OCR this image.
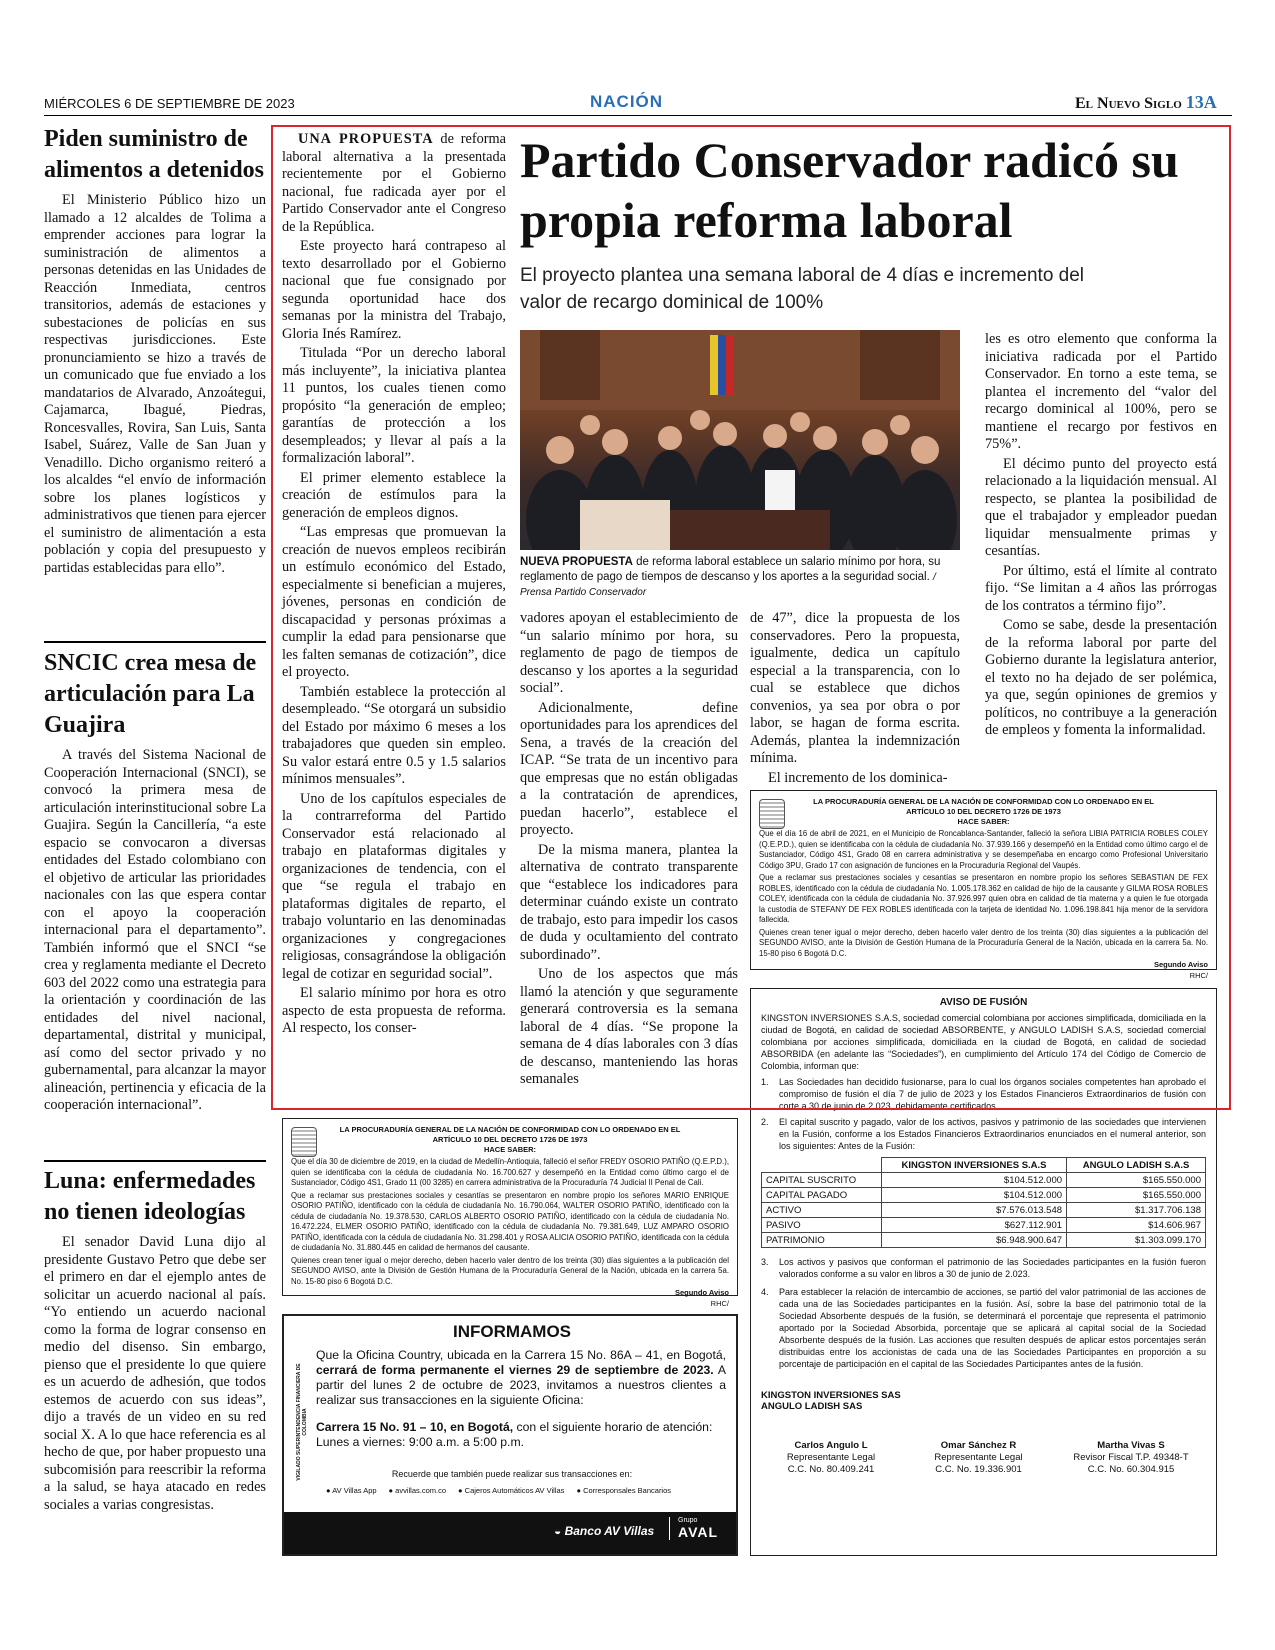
MIÉRCOLES 6 DE SEPTIEMBRE DE 2023	NACIÓN	El Nuevo Siglo 13A
Piden suministro de alimentos a detenidos

El Ministerio Público hizo un llamado a 12 alcaldes de Tolima a emprender acciones para lograr la suministración de alimentos a personas detenidas en las Unidades de Reacción Inmediata, centros transitorios, además de estaciones y subestaciones de policías en sus respectivas jurisdicciones. Este pronunciamiento se hizo a través de un comunicado que fue enviado a los mandatarios de Alvarado, Anzoátegui, Cajamarca, Ibagué, Piedras, Roncesvalles, Rovira, San Luis, Santa Isabel, Suárez, Valle de San Juan y Venadillo. Dicho organismo reiteró a los alcaldes “el envío de información sobre los planes logísticos y administrativos que tienen para ejercer el suministro de alimentación a esta población y copia del presupuesto y partidas establecidas para ello”.

SNCIC crea mesa de articulación para La Guajira

A través del Sistema Nacional de Cooperación Internacional (SNCI), se convocó la primera mesa de articulación interinstitucional sobre La Guajira. Según la Cancillería, “a este espacio se convocaron a diversas entidades del Estado colombiano con el objetivo de articular las prioridades nacionales con las que espera contar con el apoyo la cooperación internacional para el departamento”. También informó que el SNCI “se crea y reglamenta mediante el Decreto 603 del 2022 como una estrategia para la orientación y coordinación de las entidades del nivel nacional, departamental, distrital y municipal, así como del sector privado y no gubernamental, para alcanzar la mayor alineación, pertinencia y eficacia de la cooperación internacional”.

Luna: enfermedades no tienen ideologías

El senador David Luna dijo al presidente Gustavo Petro que debe ser el primero en dar el ejemplo antes de solicitar un acuerdo nacional al país. “Yo entiendo un acuerdo nacional como la forma de lograr consenso en medio del disenso. Sin embargo, pienso que el presidente lo que quiere es un acuerdo de adhesión, que todos estemos de acuerdo con sus ideas”, dijo a través de un video en su red social X. A lo que hace referencia es al hecho de que, por haber propuesto una subcomisión para reescribir la reforma a la salud, se haya atacado en redes sociales a varias congresistas.

Partido Conservador radicó su propia reforma laboral
El proyecto plantea una semana laboral de 4 días e incremento del valor de recargo dominical de 100%

UNA PROPUESTA de reforma laboral alternativa a la presentada recientemente por el Gobierno nacional, fue radicada ayer por el Partido Conservador ante el Congreso de la República.

Este proyecto hará contrapeso al texto desarrollado por el Gobierno nacional que fue consignado por segunda oportunidad hace dos semanas por la ministra del Trabajo, Gloria Inés Ramírez.

Titulada “Por un derecho laboral más incluyente”, la iniciativa plantea 11 puntos, los cuales tienen como propósito “la generación de empleo; garantías de protección a los desempleados; y llevar al país a la formalización laboral”.

El primer elemento establece la creación de estímulos para la generación de empleos dignos.

“Las empresas que promuevan la creación de nuevos empleos recibirán un estímulo económico del Estado, especialmente si benefician a mujeres, jóvenes, personas en condición de discapacidad y personas próximas a cumplir la edad para pensionarse que les falten semanas de cotización”, dice el proyecto.

También establece la protección al desempleado. “Se otorgará un subsidio del Estado por máximo 6 meses a los trabajadores que queden sin empleo. Su valor estará entre 0.5 y 1.5 salarios mínimos mensuales”.

Uno de los capítulos especiales de la contrarreforma del Partido Conservador está relacionado al trabajo en plataformas digitales y organizaciones de tendencia, con el que “se regula el trabajo en plataformas digitales de reparto, el trabajo voluntario en las denominadas organizaciones y congregaciones religiosas, consagrándose la obligación legal de cotizar en seguridad social”.

El salario mínimo por hora es otro aspecto de esta propuesta de reforma. Al respecto, los conser-

NUEVA PROPUESTA de reforma laboral establece un salario mínimo por hora, su reglamento de pago de tiempos de descanso y los aportes a la seguridad social. / Prensa Partido Conservador

vadores apoyan el establecimiento de “un salario mínimo por hora, su reglamento de pago de tiempos de descanso y los aportes a la seguridad social”.

Adicionalmente, define oportunidades para los aprendices del Sena, a través de la creación del ICAP. “Se trata de un incentivo para que empresas que no están obligadas a la contratación de aprendices, puedan hacerlo”, establece el proyecto.

De la misma manera, plantea la alternativa de contrato transparente que “establece los indicadores para determinar cuándo existe un contrato de trabajo, esto para impedir los casos de duda y ocultamiento del contrato subordinado”.

Uno de los aspectos que más llamó la atención y que seguramente generará controversia es la semana laboral de 4 días. “Se propone la semana de 4 días laborales con 3 días de descanso, manteniendo las horas semanales

de 47”, dice la propuesta de los conservadores. Pero la propuesta, igualmente, dedica un capítulo especial a la transparencia, con lo cual se establece que dichos convenios, ya sea por obra o por labor, se hagan de forma escrita. Además, plantea la indemnización mínima.

El incremento de los dominica-

les es otro elemento que conforma la iniciativa radicada por el Partido Conservador. En torno a este tema, se plantea el incremento del “valor del recargo dominical al 100%, pero se mantiene el recargo por festivos en 75%”.

El décimo punto del proyecto está relacionado a la liquidación mensual. Al respecto, se plantea la posibilidad de que el trabajador y empleador puedan liquidar mensualmente primas y cesantías.

Por último, está el límite al contrato fijo. “Se limitan a 4 años las prórrogas de los contratos a término fijo”.

Como se sabe, desde la presentación de la reforma laboral por parte del Gobierno durante la legislatura anterior, el texto no ha dejado de ser polémica, ya que, según opiniones de gremios y políticos, no contribuye a la generación de empleos y fomenta la informalidad.

LA PROCURADURÍA GENERAL DE LA NACIÓN DE CONFORMIDAD CON LO ORDENADO EN EL ARTÍCULO 10 DEL DECRETO 1726 DE 1973
HACE SABER:
Que el día 16 de abril de 2021, en el Municipio de Roncablanca-Santander, falleció la señora LIBIA PATRICIA ROBLES COLEY (Q.E.P.D.), quien se identificaba con la cédula de ciudadanía No. 37.939.166 y desempeñó en la Entidad como último cargo el de Sustanciador, Código 4S1, Grado 08 en carrera administrativa y se desempeñaba en encargo como Profesional Universitario Código 3PU, Grado 17 con asignación de funciones en la Procuraduría Regional del Vaupés.
Que a reclamar sus prestaciones sociales y cesantías se presentaron en nombre propio los señores SEBASTIAN DE FEX ROBLES, identificado con la cédula de ciudadanía No. 1.005.178.362 en calidad de hijo de la causante y GILMA ROSA ROBLES COLEY, identificada con la cédula de ciudadanía No. 37.926.997 quien obra en calidad de tía materna y a quien le fue otorgada la custodia de STEFANY DE FEX ROBLES identificada con la tarjeta de identidad No. 1.096.198.841 hija menor de la servidora fallecida.
Quienes crean tener igual o mejor derecho, deben hacerlo valer dentro de los treinta (30) días siguientes a la publicación del SEGUNDO AVISO, ante la División de Gestión Humana de la Procuraduría General de la Nación, ubicada en la carrera 5a. No. 15-80 piso 6 Bogotá D.C.
Segundo Aviso
RHC/
AVISO DE FUSIÓN
KINGSTON INVERSIONES S.A.S, sociedad comercial colombiana por acciones simplificada, domiciliada en la ciudad de Bogotá, en calidad de sociedad ABSORBENTE, y ANGULO LADISH S.A.S, sociedad comercial colombiana por acciones simplificada, domiciliada en la ciudad de Bogotá, en calidad de sociedad ABSORBIDA (en adelante las “Sociedades”), en cumplimiento del Artículo 174 del Código de Comercio de Colombia, informan que:
1.	Las Sociedades han decidido fusionarse, para lo cual los órganos sociales competentes han aprobado el compromiso de fusión el día 7 de julio de 2023 y los Estados Financieros Extraordinarios de fusión con corte a 30 de junio de 2.023, debidamente certificados.
2.	El capital suscrito y pagado, valor de los activos, pasivos y patrimonio de las sociedades que intervienen en la Fusión, conforme a los Estados Financieros Extraordinarios enunciados en el numeral anterior, son los siguientes: Antes de la Fusión:
	KINGSTON INVERSIONES S.A.S	ANGULO LADISH S.A.S
CAPITAL SUSCRITO	$104.512.000	$165.550.000
CAPITAL PAGADO	$104.512.000	$165.550.000
ACTIVO	$7.576.013.548	$1.317.706.138
PASIVO	$627.112.901	$14.606.967
PATRIMONIO	$6.948.900.647	$1.303.099.170
3.	Los activos y pasivos que conforman el patrimonio de las Sociedades participantes en la fusión fueron valorados conforme a su valor en libros a 30 de junio de 2.023.
4.	Para establecer la relación de intercambio de acciones, se partió del valor patrimonial de las acciones de cada una de las Sociedades participantes en la fusión. Así, sobre la base del patrimonio total de la Sociedad Absorbente después de la fusión, se determinará el porcentaje que representa el patrimonio aportado por la Sociedad Absorbida, porcentaje que se aplicará al capital social de la Sociedad Absorbente después de la fusión. Las acciones que resulten después de aplicar estos porcentajes serán distribuidas entre los accionistas de cada una de las Sociedades Participantes en proporción a su porcentaje de participación en el capital de las Sociedades Participantes antes de la fusión.
KINGSTON INVERSIONES SAS
ANGULO LADISH SAS
Carlos Angulo L
Representante Legal
C.C. No. 80.409.241
Omar Sánchez R
Representante Legal
C.C. No. 19.336.901
Martha Vivas S
Revisor Fiscal T.P. 49348-T
C.C. No. 60.304.915
LA PROCURADURÍA GENERAL DE LA NACIÓN DE CONFORMIDAD CON LO ORDENADO EN EL ARTÍCULO 10 DEL DECRETO 1726 DE 1973
HACE SABER:
Que el día 30 de diciembre de 2019, en la ciudad de Medellín-Antioquia, falleció el señor FREDY OSORIO PATIÑO (Q.E.P.D.), quien se identificaba con la cédula de ciudadanía No. 16.700.627 y desempeñó en la Entidad como último cargo el de Sustanciador, Código 4S1, Grado 11 (00 3285) en carrera administrativa de la Procuraduría 74 Judicial II Penal de Cali.
Que a reclamar sus prestaciones sociales y cesantías se presentaron en nombre propio los señores MARIO ENRIQUE OSORIO PATIÑO, identificado con la cédula de ciudadanía No. 16.790.064, WALTER OSORIO PATIÑO, identificado con la cédula de ciudadanía No. 19.378.530, CARLOS ALBERTO OSORIO PATIÑO, identificado con la cédula de ciudadanía No. 16.472.224, ELMER OSORIO PATIÑO, identificado con la cédula de ciudadanía No. 79.381.649, LUZ AMPARO OSORIO PATIÑO, identificada con la cédula de ciudadanía No. 31.298.401 y ROSA ALICIA OSORIO PATIÑO, identificada con la cédula de ciudadanía No. 31.880.445 en calidad de hermanos del causante.
Quienes crean tener igual o mejor derecho, deben hacerlo valer dentro de los treinta (30) días siguientes a la publicación del SEGUNDO AVISO, ante la División de Gestión Humana de la Procuraduría General de la Nación, ubicada en la carrera 5a. No. 15-80 piso 6 Bogotá D.C.
Segundo Aviso
RHC/
VIGILADO SUPERINTENDENCIA FINANCIERA DE COLOMBIA
INFORMAMOS
Que la Oficina Country, ubicada en la Carrera 15 No. 86A – 41, en Bogotá, cerrará de forma permanente el viernes 29 de septiembre de 2023. A partir del lunes 2 de octubre de 2023, invitamos a nuestros clientes a realizar sus transacciones en la siguiente Oficina:
Carrera 15 No. 91 – 10, en Bogotá, con el siguiente horario de atención:
Lunes a viernes: 9:00 a.m. a 5:00 p.m.
Recuerde que también puede realizar sus transacciones en:
● AV Villas App ● avvillas.com.co ● Cajeros Automáticos AV Villas ● Corresponsales Bancarios
◒ Banco AV Villas
Grupo
AVAL
